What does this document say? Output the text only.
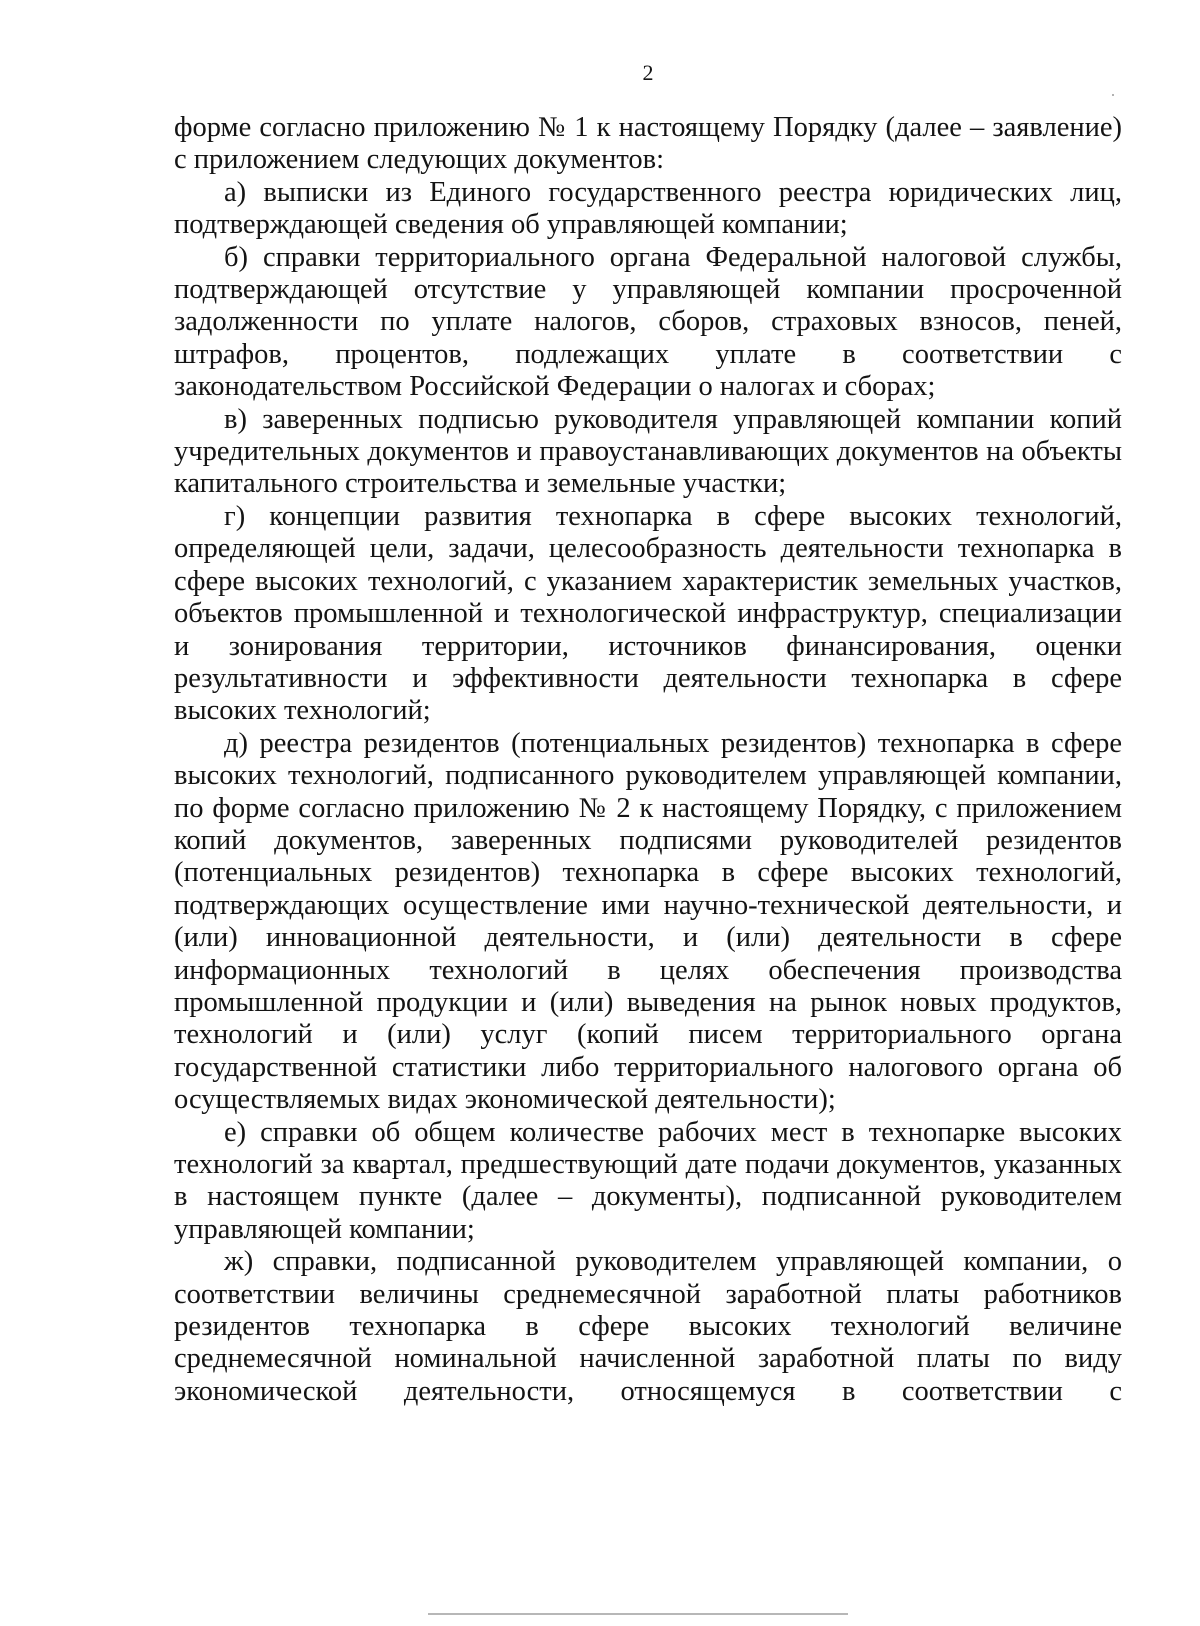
2

форме согласно приложению № 1 к настоящему Порядку (далее – заявление) с приложением следующих документов:

а) выписки из Единого государственного реестра юридических лиц, подтверждающей сведения об управляющей компании;

б) справки территориального органа Федеральной налоговой службы, подтверждающей отсутствие у управляющей компании просроченной задолженности по уплате налогов, сборов, страховых взносов, пеней, штрафов, процентов, подлежащих уплате в соответствии с законодательством Российской Федерации о налогах и сборах;

в) заверенных подписью руководителя управляющей компании копий учредительных документов и правоустанавливающих документов на объекты капитального строительства и земельные участки;

г) концепции развития технопарка в сфере высоких технологий, определяющей цели, задачи, целесообразность деятельности технопарка в сфере высоких технологий, с указанием характеристик земельных участков, объектов промышленной и технологической инфраструктур, специализации и зонирования территории, источников финансирования, оценки результативности и эффективности деятельности технопарка в сфере высоких технологий;

д) реестра резидентов (потенциальных резидентов) технопарка в сфере высоких технологий, подписанного руководителем управляющей компании, по форме согласно приложению № 2 к настоящему Порядку, с приложением копий документов, заверенных подписями руководителей резидентов (потенциальных резидентов) технопарка в сфере высоких технологий, подтверждающих осуществление ими научно-технической деятельности, и (или) инновационной деятельности, и (или) деятельности в сфере информационных технологий в целях обеспечения производства промышленной продукции и (или) выведения на рынок новых продуктов, технологий и (или) услуг (копий писем территориального органа государственной статистики либо территориального налогового органа об осуществляемых видах экономической деятельности);

е) справки об общем количестве рабочих мест в технопарке высоких технологий за квартал, предшествующий дате подачи документов, указанных в настоящем пункте (далее – документы), подписанной руководителем управляющей компании;

ж) справки, подписанной руководителем управляющей компании, о соответствии величины среднемесячной заработной платы работников резидентов технопарка в сфере высоких технологий величине среднемесячной номинальной начисленной заработной платы по виду экономической деятельности, относящемуся в соответствии с
